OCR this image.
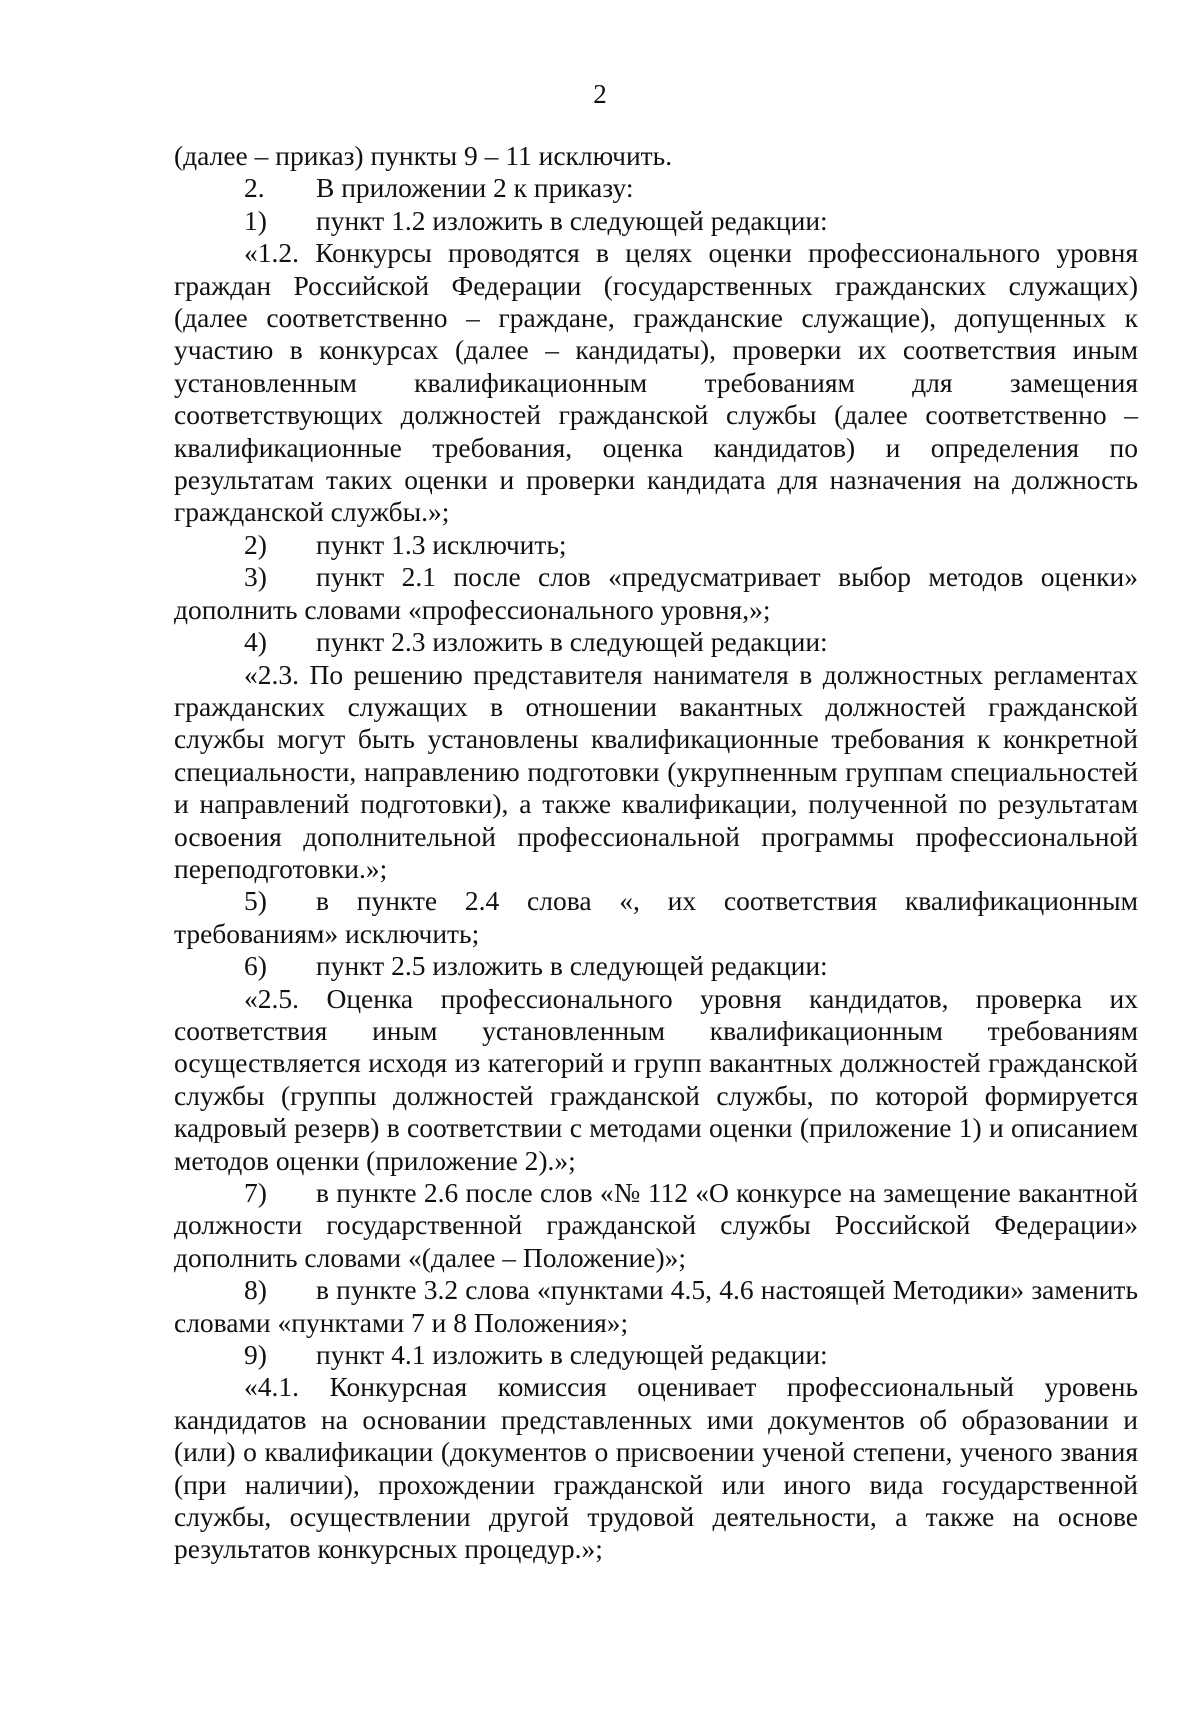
2

(далее – приказ) пункты 9 – 11 исключить.

2. В приложении 2 к приказу:

1) пункт 1.2 изложить в следующей редакции:

«1.2. Конкурсы проводятся в целях оценки профессионального уровня граждан Российской Федерации (государственных гражданских служащих) (далее соответственно – граждане, гражданские служащие), допущенных к участию в конкурсах (далее – кандидаты), проверки их соответствия иным установленным квалификационным требованиям для замещения соответствующих должностей гражданской службы (далее соответственно – квалификационные требования, оценка кандидатов) и определения по результатам таких оценки и проверки кандидата для назначения на должность гражданской службы.»;

2) пункт 1.3 исключить;

3) пункт 2.1 после слов «предусматривает выбор методов оценки» дополнить словами «профессионального уровня,»;

4) пункт 2.3 изложить в следующей редакции:

«2.3. По решению представителя нанимателя в должностных регламентах гражданских служащих в отношении вакантных должностей гражданской службы могут быть установлены квалификационные требования к конкретной специальности, направлению подготовки (укрупненным группам специальностей и направлений подготовки), а также квалификации, полученной по результатам освоения дополнительной профессиональной программы профессиональной переподготовки.»;

5) в пункте 2.4 слова «, их соответствия квалификационным требованиям» исключить;

6) пункт 2.5 изложить в следующей редакции:

«2.5. Оценка профессионального уровня кандидатов, проверка их соответствия иным установленным квалификационным требованиям осуществляется исходя из категорий и групп вакантных должностей гражданской службы (группы должностей гражданской службы, по которой формируется кадровый резерв) в соответствии с методами оценки (приложение 1) и описанием методов оценки (приложение 2).»;

7) в пункте 2.6 после слов «№ 112 «О конкурсе на замещение вакантной должности государственной гражданской службы Российской Федерации» дополнить словами «(далее – Положение)»;

8) в пункте 3.2 слова «пунктами 4.5, 4.6 настоящей Методики» заменить словами «пунктами 7 и 8 Положения»;

9) пункт 4.1 изложить в следующей редакции:

«4.1. Конкурсная комиссия оценивает профессиональный уровень кандидатов на основании представленных ими документов об образовании и (или) о квалификации (документов о присвоении ученой степени, ученого звания (при наличии), прохождении гражданской или иного вида государственной службы, осуществлении другой трудовой деятельности, а также на основе результатов конкурсных процедур.»;
